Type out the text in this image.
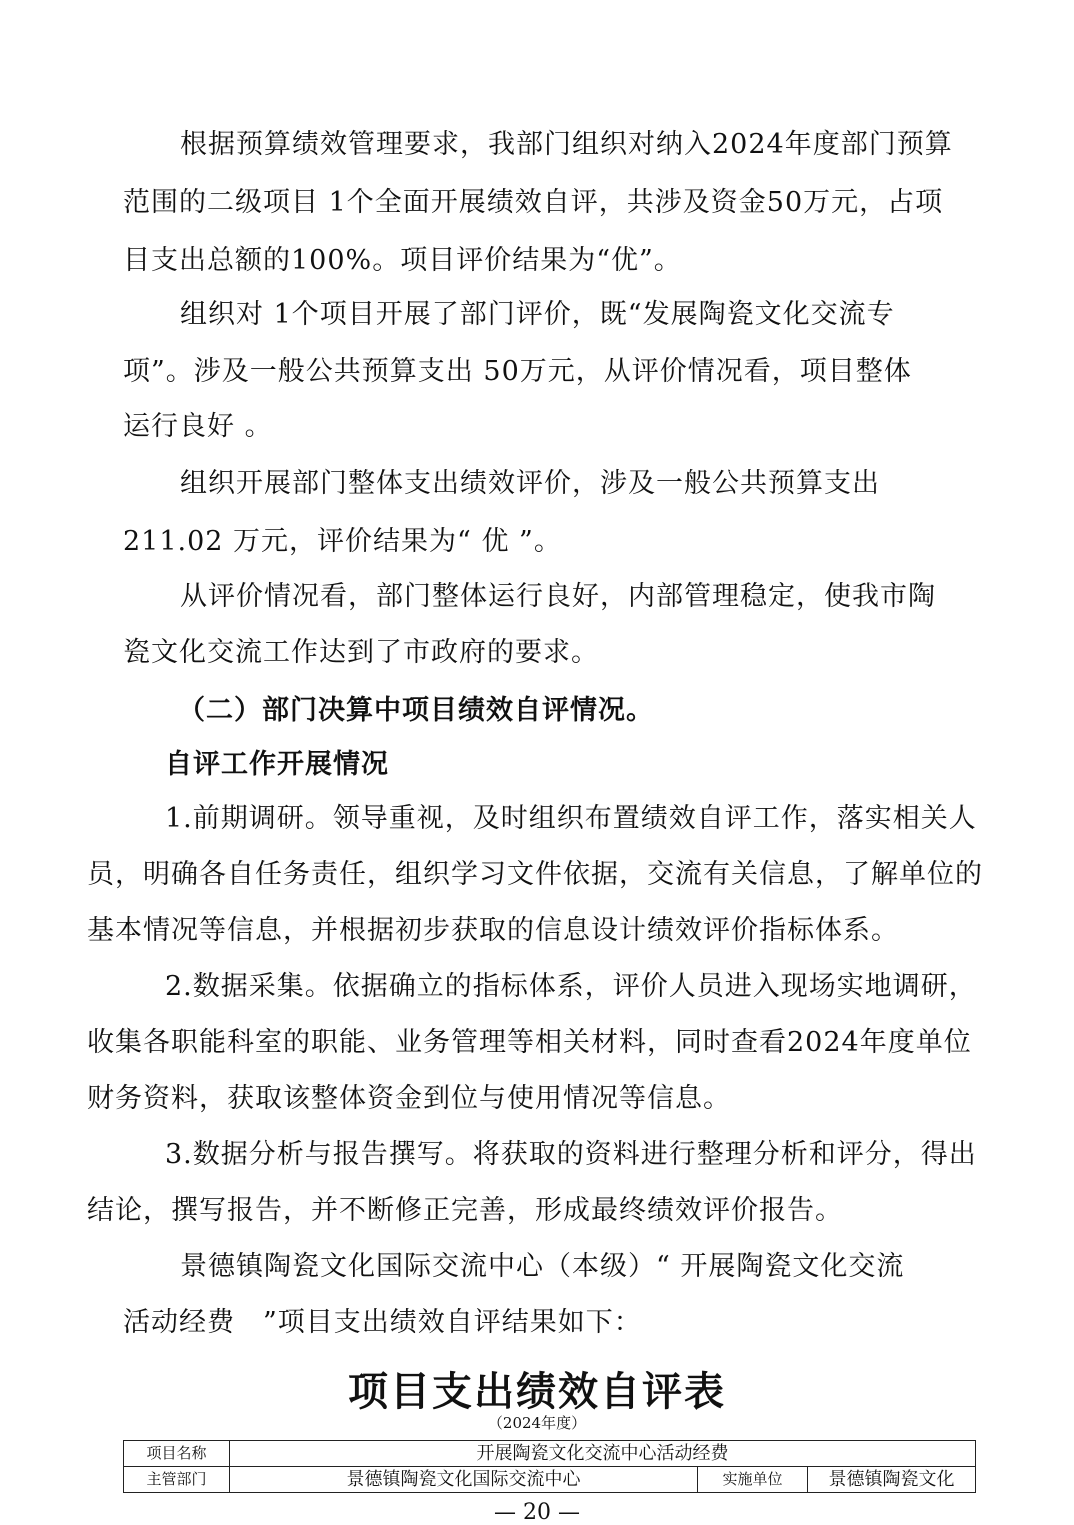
根据预算绩效管理要求，我部门组织对纳入2024年度部门预算
范围的二级项目 1个全面开展绩效自评，共涉及资金50万元，占项
目支出总额的100%。项目评价结果为“优”。
组织对 1个项目开展了部门评价，既“发展陶瓷文化交流专
项”。涉及一般公共预算支出 50万元，从评价情况看，项目整体
运行良好 。
组织开展部门整体支出绩效评价，涉及一般公共预算支出
211.02 万元，评价结果为“ 优 ”。
从评价情况看，部门整体运行良好，内部管理稳定，使我市陶
瓷文化交流工作达到了市政府的要求。
（二）部门决算中项目绩效自评情况。
自评工作开展情况
1.前期调研。领导重视，及时组织布置绩效自评工作，落实相关人
员，明确各自任务责任，组织学习文件依据，交流有关信息，了解单位的
基本情况等信息，并根据初步获取的信息设计绩效评价指标体系。
2.数据采集。依据确立的指标体系，评价人员进入现场实地调研，
收集各职能科室的职能、业务管理等相关材料，同时查看2024年度单位
财务资料，获取该整体资金到位与使用情况等信息。
3.数据分析与报告撰写。将获取的资料进行整理分析和评分，得出
结论，撰写报告，并不断修正完善，形成最终绩效评价报告。
景德镇陶瓷文化国际交流中心（本级）“ 开展陶瓷文化交流
活动经费　”项目支出绩效自评结果如下：
项目支出绩效自评表
（2024年度）
项目名称	开展陶瓷文化交流中心活动经费		
主管部门	景德镇陶瓷文化国际交流中心	实施单位	景德镇陶瓷文化
— 20 —
